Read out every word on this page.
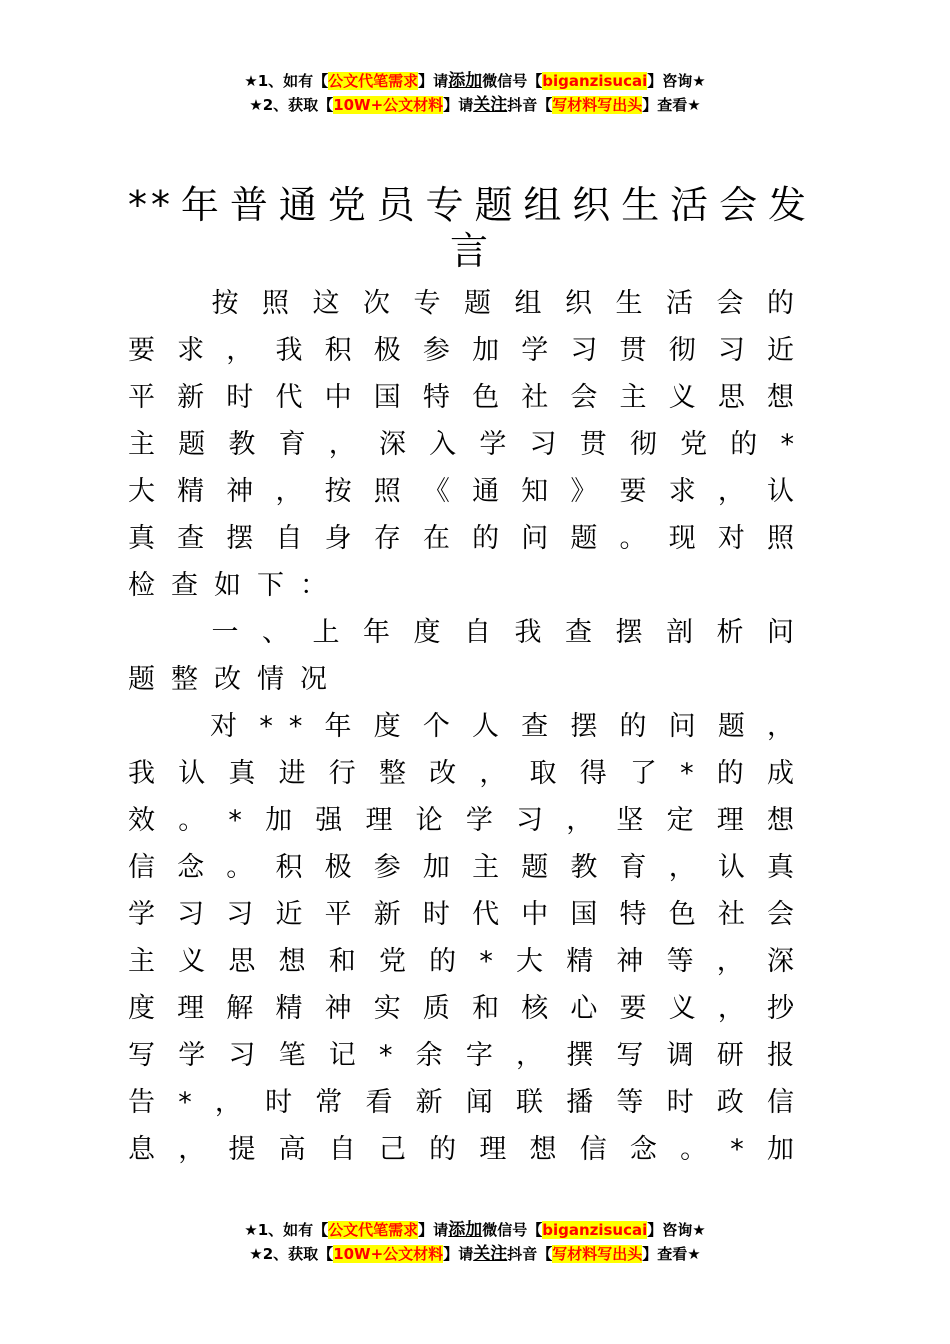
★1、如有【公文代笔需求】请添加微信号【biganzisucai】咨询★
★2、获取【10W+公文材料】请关注抖音【写材料写出头】查看★
**年普通党员专题组织生活会发
言

按照这次专题组织生活会的

要求，我积极参加学习贯彻习近

平新时代中国特色社会主义思想

主题教育，深入学习贯彻党的*

大精神，按照《通知》要求，认

真查摆自身存在的问题。现对照

检查如下：

一、上年度自我查摆剖析问

题整改情况

对**年度个人查摆的问题，

我认真进行整改，取得了*的成

效。*加强理论学习，坚定理想

信念。积极参加主题教育，认真

学习习近平新时代中国特色社会

主义思想和党的*大精神等，深

度理解精神实质和核心要义，抄

写学习笔记*余字，撰写调研报

告*，时常看新闻联播等时政信

息，提高自己的理想信念。*加

★1、如有【公文代笔需求】请添加微信号【biganzisucai】咨询★
★2、获取【10W+公文材料】请关注抖音【写材料写出头】查看★
